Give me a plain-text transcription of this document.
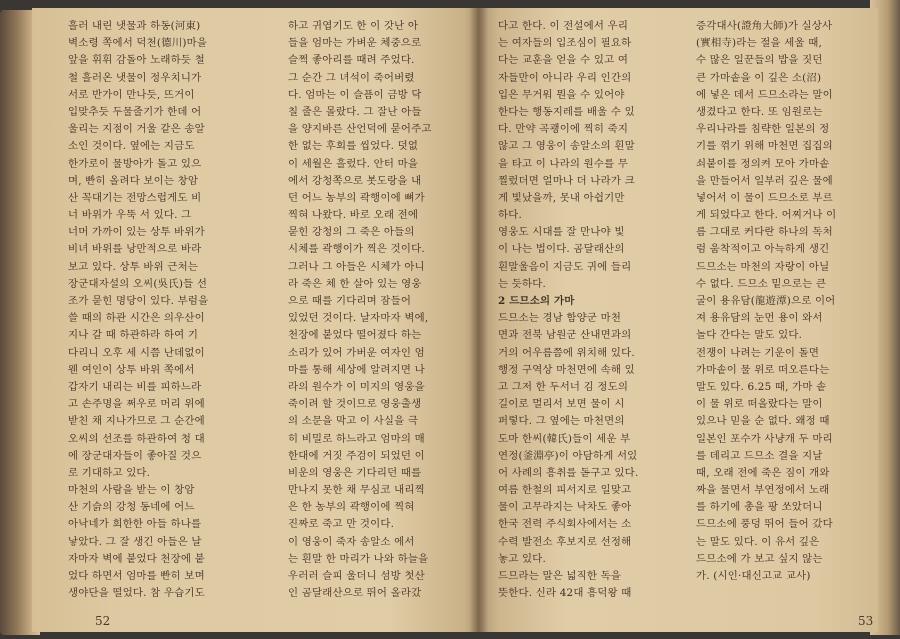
흘러 내린 냇물과 하동(河東)
벽소령 쪽에서 덕천(德川)마을
앞을 휘휘 감돌아 노래하듯 철
철 흘러온 냇물이 정우치니가
서로 반가이 만나듯, 뜨거이
입맞추듯 두물줄기가 한데 어
울리는 지점이 거울 같은 송알
소인 것이다. 옆에는 지금도
한가로이 물방아가 돌고 있으
며, 빤히 올려다 보이는 창암
산 꼭대기는 전망스럽게도 비
너 바위가 우뚝 서 있다. 그
너머 가까이 있는 상투 바위가
비녀 바위를 낭만적으로 바라
보고 있다. 상투 바위 근처는
장군대자설의 오씨(吳氏)들 선
조가 묻힌 명당이 있다. 부럼을
쓸 때의 하관 시간은 의우산이
지나 갈 때 하관하라 하여 기
다리니 오후 세 시쯤 난데없이
웬 여인이 상투 바위 쪽에서
갑자기 내리는 비를 피하느라
고 손주명을 쩌우로 머리 위에
받친 채 지나가므로 그 순간에
오씨의 선조를 하관하여 청 대
에 장군대자들이 좋아질 것으
로 기대하고 있다.
마천의 사람을 받는 이 창암
산 기슭의 강청 동네에 어느
아낙네가 희한한 아들 하나를
낳았다. 그 잘 생긴 아들은 날
자마자 벽에 붙었다 천장에 붙
었다 하면서 엄마를 빤히 보며
생야단을 떨었다. 참 우습기도
하고 귀엽기도 한 이 갓난 아
들을 엄마는 가벼운 체중으로
슬쩍 좋아리를 때려 주었다.
그 순간 그 녀석이 죽어버렸
다. 엄마는 이 슬픔이 금방 닥
칠 줄은 몰랐다. 그 잘난 아들
을 양지바른 산언덕에 묻어주고
한 없는 후회를 씹었다. 덧없
이 세월은 흘렀다. 안터 마을
에서 강청쪽으로 봇도랑을 내
던 어느 농부의 곽행이에 뼈가
찍혀 나왔다. 바로 오래 전에
묻힌 강청의 그 죽은 아들의
시체를 곽행이가 찍은 것이다.
그러나 그 아들은 시체가 아니
라 죽은 체 한 살아 있는 영웅
으로 때를 기다리며 잠들어
있었던 것이다. 날자마자 벽에,
천장에 붙었다 떨어졌다 하는
소리가 있어 가버운 여자인 엄
마를 통해 세상에 알려지면 나
라의 원수가 이 미지의 영웅을
죽이려 할 것이므로 영웅출생
의 소문을 막고 이 사실을 극
히 비밀로 하느라고 엄마의 매
한대에 거짓 주검이 되었던 이
비운의 영웅은 기다리던 때를
만나지 못한 채 무심코 내리찍
은 한 농부의 곽행이에 찍혀
진짜로 죽고 만 것이다.
이 영웅이 죽자 송알소 에서
는 흰말 한 마리가 나와 하늘을
우러러 슬피 울더니 섬방 첫산
인 곰달래산으로 뛰어 올라갔
다고 한다. 이 전설에서 우리
는 여자들의 입조심이 필요하
다는 교훈을 얻을 수 있고 여
자들만이 아니라 우리 인간의
입은 무거워 뭔을 수 있어야
한다는 행동지레를 배울 수 있
다. 만약 곡괭이에 찍히 죽지
않고 그 영웅이 송알소의 흰말
을 타고 이 나라의 원수를 무
찔렀더면 얼마나 더 나라가 크
게 빛났을까, 못내 아쉽기만
하다.
영웅도 시대를 잘 만나야 빛
이 나는 법이다. 곰달래산의
흰말울음이 지금도 귀에 들리
는 듯하다.
2 드므소의 가마
드므소는 경남 함양군 마천
면과 전북 남원군 산내면과의
거의 어우름쯤에 위치해 있다.
행정 구역상 마천면에 속해 있
고 그저 한 두서너 김 정도의
길이로 멀리서 보면 물이 시
퍼렇다. 그 옆에는 마천면의
도마 한씨(韓氏)들이 세운 부
연정(釜淵亭)이 아담하게 서있
어 사례의 흥취를 돋구고 있다.
여름 한철의 피서지로 일맞고
물이 고무라지는 낙차도 좋아
한국 전력 주식회사에서는 소
수력 발전소 후보지로 선정해
놓고 있다.
드므라는 말은 넓직한 독을
뜻한다. 신라 42대 흥덕왕 때
증각대사(證角大師)가 실상사
(實相寺)라는 절을 세울 때,
수 많은 일꾼들의 밥을 짓던
큰 가마솥을 이 깊은 소(沼)
에 넣은 데서 드므소라는 말이
생겼다고 한다. 또 임원로는
우리나라를 침략한 일본의 정
기를 꺾기 위해 마천면 집집의
쇠붙이를 정의켜 모아 가마솥
을 만들어서 일부러 깊은 물에
넣어서 이 물이 드므소로 부르
게 되었다고 한다. 어찌거나 이
름 그대로 커다란 하나의 독처
럼 움착적이고 아늑하게 생긴
드므소는 마천의 자랑이 아닐
수 없다. 드므소 밑으로는 큰
굴이 용유담(龍遊潭)으로 이어
져 용유담의 눈먼 용이 와서
놀다 간다는 말도 있다.
전쟁이 나려는 기운이 돌면
가마솥이 물 위로 떠오른다는
말도 있다. 6.25 때, 가마 솥
이 물 위로 떠올랐다는 말이
있으나 믿을 순 없다. 왜정 때
일본인 포수가 사냥개 두 마리
를 데리고 드므소 결을 지날
때, 오래 전에 죽은 짐이 개와
짜을 물면서 부연정에서 노래
를 하기에 총을 팡 쏘았더니
드므소에 풍덩 뛰어 들어 갔다
는 말도 있다. 이 유서 깊은
드므소에 가 보고 싶지 않는
가. (시인·대신고교 교사)
52	53
